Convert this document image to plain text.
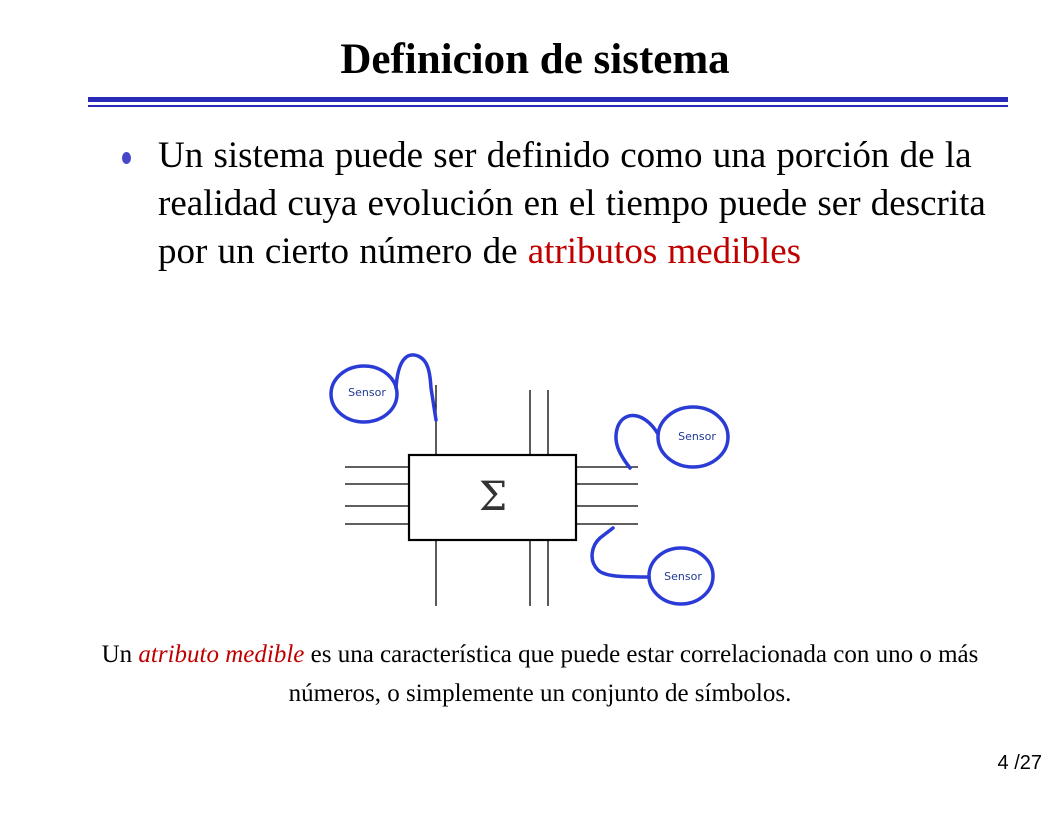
Definicion de sistema
Un sistema puede ser definido como una porción de la realidad cuya evolución en el tiempo puede ser descrita por un cierto número de atributos medibles
Σ
Sensor
Sensor
Sensor
Un atributo medible es una característica que puede estar correlacionada con uno o más números, o simplemente un conjunto de símbolos.
4 /27
